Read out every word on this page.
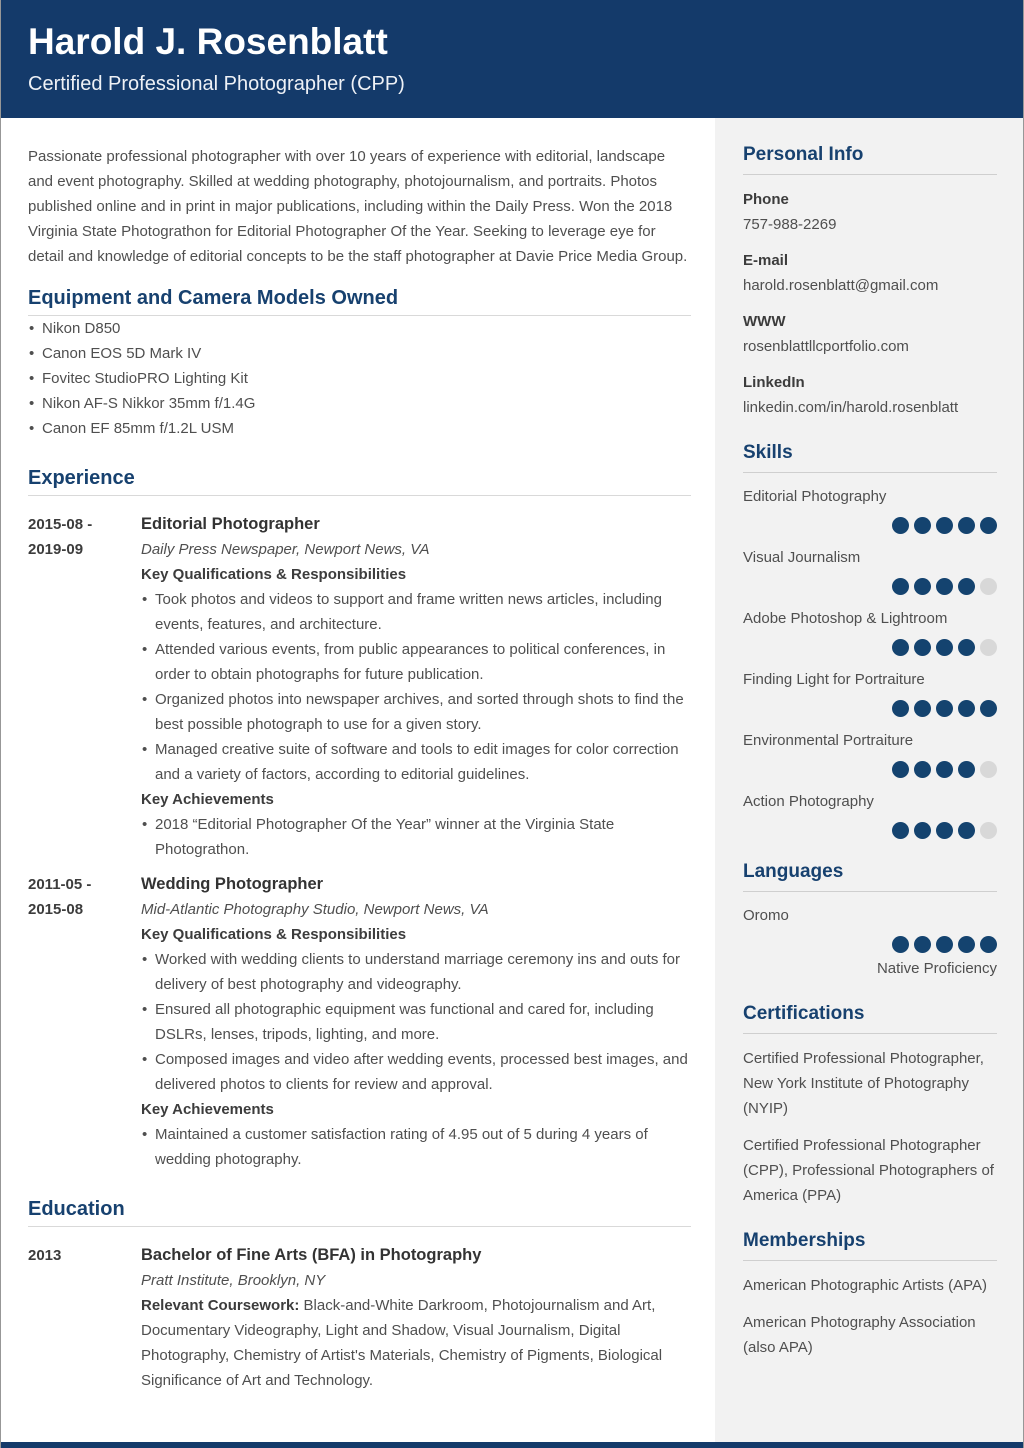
Harold J. Rosenblatt
Certified Professional Photographer (CPP)

Passionate professional photographer with over 10 years of experience with editorial, landscape and event photography. Skilled at wedding photography, photojournalism, and portraits. Photos published online and in print in major publications, including within the Daily Press. Won the 2018 Virginia State Photograthon for Editorial Photographer Of the Year. Seeking to leverage eye for detail and knowledge of editorial concepts to be the staff photographer at Davie Price Media Group.

Equipment and Camera Models Owned
• Nikon D850
• Canon EOS 5D Mark IV
• Fovitec StudioPRO Lighting Kit
• Nikon AF-S Nikkor 35mm f/1.4G
• Canon EF 85mm f/1.2L USM
Experience
2015-08 -
2019-09
Editorial Photographer
Daily Press Newspaper, Newport News, VA
Key Qualifications & Responsibilities
• Took photos and videos to support and frame written news articles, including events, features, and architecture.
• Attended various events, from public appearances to political conferences, in order to obtain photographs for future publication.
• Organized photos into newspaper archives, and sorted through shots to find the best possible photograph to use for a given story.
• Managed creative suite of software and tools to edit images for color correction and a variety of factors, according to editorial guidelines.
Key Achievements
• 2018 “Editorial Photographer Of the Year” winner at the Virginia State Photograthon.
2011-05 -
2015-08
Wedding Photographer
Mid-Atlantic Photography Studio, Newport News, VA
Key Qualifications & Responsibilities
• Worked with wedding clients to understand marriage ceremony ins and outs for delivery of best photography and videography.
• Ensured all photographic equipment was functional and cared for, including DSLRs, lenses, tripods, lighting, and more.
• Composed images and video after wedding events, processed best images, and delivered photos to clients for review and approval.
Key Achievements
• Maintained a customer satisfaction rating of 4.95 out of 5 during 4 years of wedding photography.
Education
2013	Bachelor of Fine Arts (BFA) in Photography
Pratt Institute, Brooklyn, NY

Relevant Coursework: Black-and-White Darkroom, Photojournalism and Art, Documentary Videography, Light and Shadow, Visual Journalism, Digital Photography, Chemistry of Artist's Materials, Chemistry of Pigments, Biological Significance of Art and Technology.

Personal Info
Phone
757-988-2269
E-mail
harold.rosenblatt@gmail.com
WWW
rosenblattllcportfolio.com
LinkedIn
linkedin.com/in/harold.rosenblatt
Skills
Editorial Photography
Visual Journalism
Adobe Photoshop & Lightroom
Finding Light for Portraiture
Environmental Portraiture
Action Photography
Languages
Oromo
Native Proficiency
Certifications

Certified Professional Photographer, New York Institute of Photography (NYIP)

Certified Professional Photographer (CPP), Professional Photographers of America (PPA)

Memberships

American Photographic Artists (APA)

American Photography Association (also APA)
